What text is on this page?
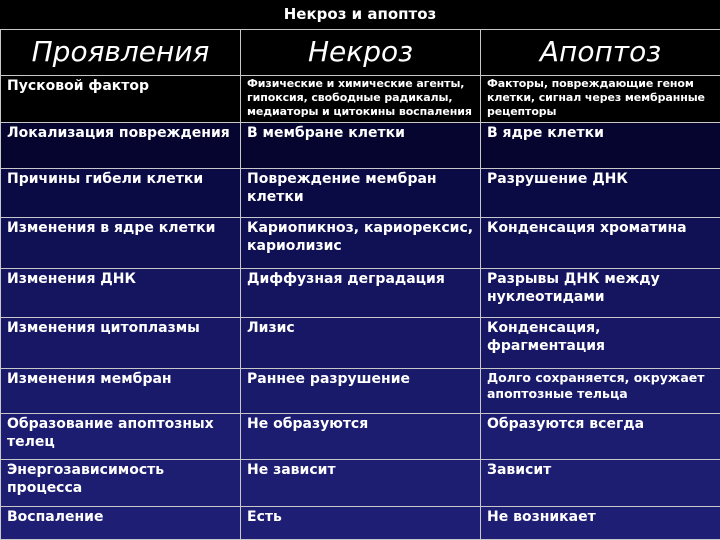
Некроз и апоптоз
Проявления	Некроз	Апоптоз
Пусковой фактор	Физические и химические агенты, гипоксия, свободные радикалы, медиаторы и цитокины воспаления	Факторы, повреждающие геном клетки, сигнал через мембранные рецепторы
Локализация повреждения	В мембране клетки	В ядре клетки
Причины гибели клетки	Повреждение мембран клетки	Разрушение ДНК
Изменения в ядре клетки	Кариопикноз, кариорексис, кариолизис	Конденсация хроматина
Изменения ДНК	Диффузная деградация	Разрывы ДНК между нуклеотидами
Изменения цитоплазмы	Лизис	Конденсация, фрагментация
Изменения мембран	Раннее разрушение	Долго сохраняется, окружает апоптозные тельца
Образование апоптозных телец	Не образуются	Образуются всегда
Энергозависимость процесса	Не зависит	Зависит
Воспаление	Есть	Не возникает
